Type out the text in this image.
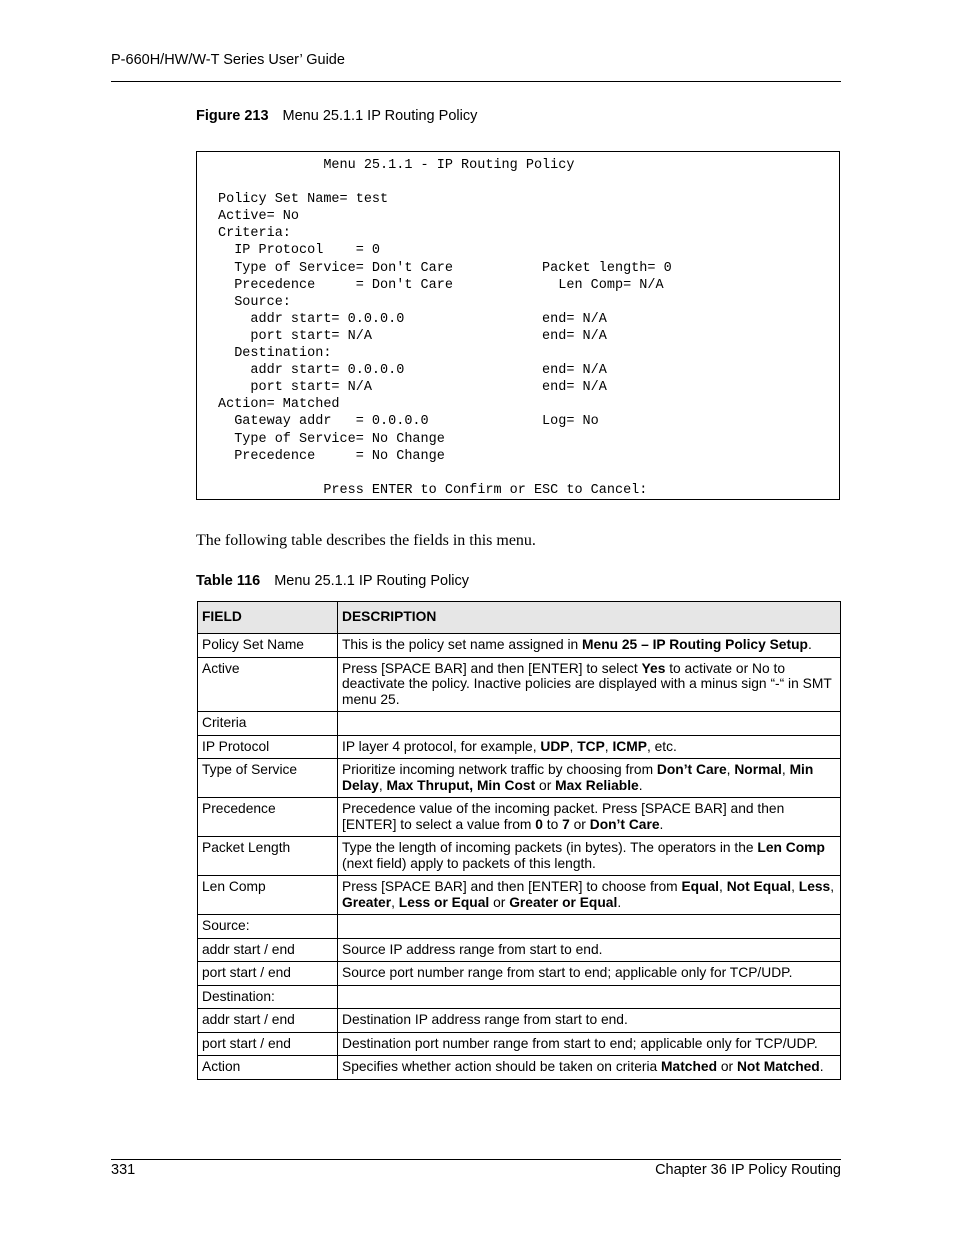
P-660H/HW/W-T Series User’ Guide
Figure 213 Menu 25.1.1 IP Routing Policy
Menu 25.1.1 - IP Routing Policy

Policy Set Name= test
Active= No
Criteria:
IP Protocol    = 0
Type of Service= Don't Care           Packet length= 0
Precedence     = Don't Care             Len Comp= N/A
Source:
addr start= 0.0.0.0                 end= N/A
port start= N/A                     end= N/A
Destination:
addr start= 0.0.0.0                 end= N/A
port start= N/A                     end= N/A
Action= Matched
Gateway addr   = 0.0.0.0              Log= No
Type of Service= No Change
Precedence     = No Change

Press ENTER to Confirm or ESC to Cancel:
The following table describes the fields in this menu.
Table 116 Menu 25.1.1 IP Routing Policy
FIELD	DESCRIPTION
Policy Set Name	This is the policy set name assigned in Menu 25 – IP Routing Policy Setup.
Active	Press [SPACE BAR] and then [ENTER] to select Yes to activate or No to deactivate the policy. Inactive policies are displayed with a minus sign “-“ in SMT menu 25.
Criteria	
IP Protocol	IP layer 4 protocol, for example, UDP, TCP, ICMP, etc.
Type of Service	Prioritize incoming network traffic by choosing from Don’t Care, Normal, Min Delay, Max Thruput, Min Cost or Max Reliable.
Precedence	Precedence value of the incoming packet. Press [SPACE BAR] and then [ENTER] to select a value from 0 to 7 or Don’t Care.
Packet Length	Type the length of incoming packets (in bytes). The operators in the Len Comp (next field) apply to packets of this length.
Len Comp	Press [SPACE BAR] and then [ENTER] to choose from Equal, Not Equal, Less, Greater, Less or Equal or Greater or Equal.
Source:	
addr start / end	Source IP address range from start to end.
port start / end	Source port number range from start to end; applicable only for TCP/UDP.
Destination:	
addr start / end	Destination IP address range from start to end.
port start / end	Destination port number range from start to end; applicable only for TCP/UDP.
Action	Specifies whether action should be taken on criteria Matched or Not Matched.
331	Chapter 36 IP Policy Routing
